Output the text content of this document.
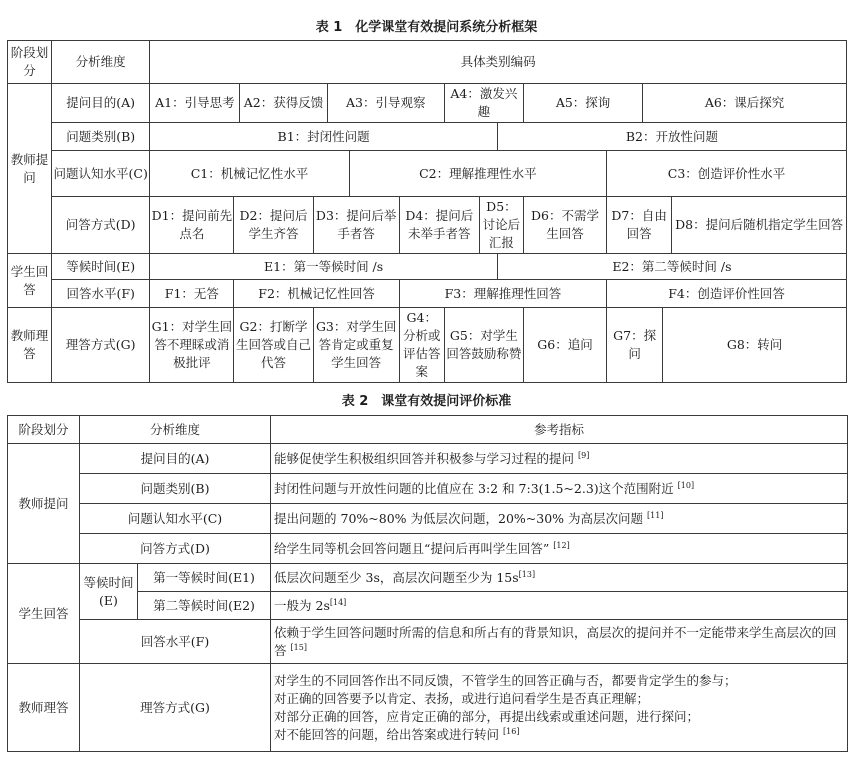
表 1　化学课堂有效提问系统分析框架
阶段划分	分析维度	具体类别编码														
教师提问	提问目的(A)	A1：引导思考		A2：获得反馈		A3：引导观察			A4：激发兴趣			A5：探询		A6：课后探究		
	问题类别(B)	B1：封闭性问题									B2：开放性问题					
	问题认知水平(C)	C1：机械记忆性水平					C2：理解推理性水平						C3：创造评价性水平			
	问答方式(D)	D1：提问前先点名	D2：提问后学生齐答		D3：提问后举手者答			D4：提问后未举手者答		D5：讨论后汇报		D6：不需学生回答	D7：自由回答			D8：提问后随机指定学生回答
学生回答	等候时间(E)	E1：第一等候时间 /s									E2：第二等候时间 /s					
	回答水平(F)	F1：无答	F2：机械记忆性回答					F3：理解推理性回答					F4：创造评价性回答			
教师理答	理答方式(G)	G1：对学生回答不理睬或消极批评	G2：打断学生回答或自己代答		G3：对学生回答肯定或重复学生回答			G4：分析或评估答案	G5：对学生回答鼓励称赞			G6：追问	G7：探问		G8：转问	
表 2　课堂有效提问评价标准
阶段划分	分析维度		参考指标
教师提问	提问目的(A)		能够促使学生积极组织回答并积极参与学习过程的提问 [9]
	问题类别(B)		封闭性问题与开放性问题的比值应在 3:2 和 7:3(1.5~2.3)这个范围附近 [10]
	问题认知水平(C)		提出问题的 70%~80% 为低层次问题，20%~30% 为高层次问题 [11]
	问答方式(D)		给学生同等机会回答问题且“提问后再叫学生回答” [12]
学生回答	等候时间(E)	第一等候时间(E1)	低层次问题至少 3s，高层次问题至少为 15s[13]
		第二等候时间(E2)	一般为 2s[14]
	回答水平(F)		依赖于学生回答问题时所需的信息和所占有的背景知识，高层次的提问并不一定能带来学生高层次的回答 [15]
教师理答	理答方式(G)		对学生的不同回答作出不同反馈，不管学生的回答正确与否，都要肯定学生的参与；
对正确的回答要予以肯定、表扬，或进行追问看学生是否真正理解；
对部分正确的回答，应肯定正确的部分，再提出线索或重述问题，进行探问；
对不能回答的问题，给出答案或进行转问 [16]
